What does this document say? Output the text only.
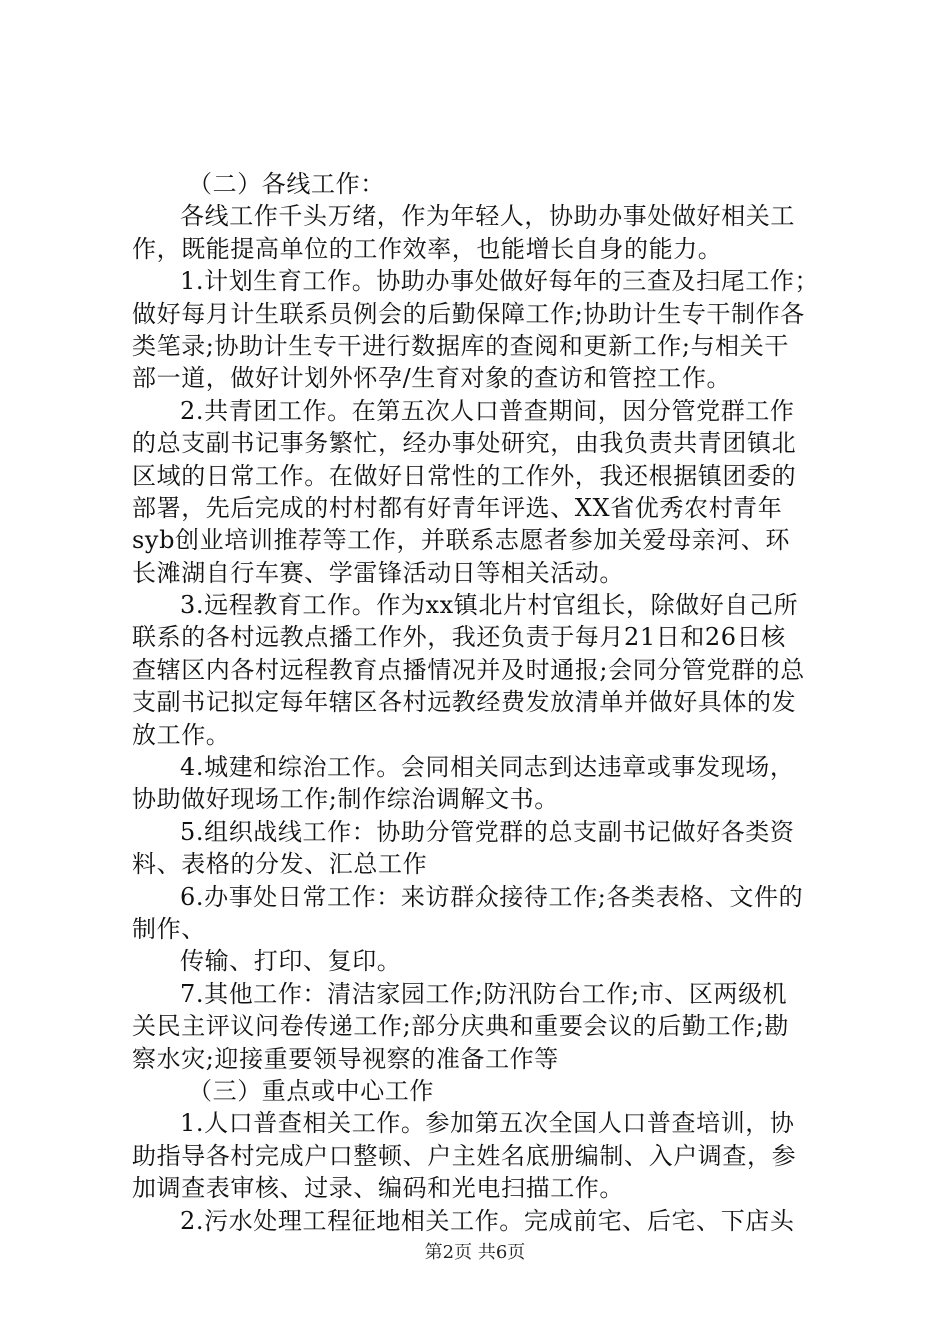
（二）各线工作：
各线工作千头万绪，作为年轻人，协助办事处做好相关工
作，既能提高单位的工作效率，也能增长自身的能力。
1.计划生育工作。协助办事处做好每年的三查及扫尾工作；
做好每月计生联系员例会的后勤保障工作;协助计生专干制作各
类笔录;协助计生专干进行数据库的查阅和更新工作;与相关干
部一道，做好计划外怀孕/生育对象的查访和管控工作。
2.共青团工作。在第五次人口普查期间，因分管党群工作
的总支副书记事务繁忙，经办事处研究，由我负责共青团镇北
区域的日常工作。在做好日常性的工作外，我还根据镇团委的
部署，先后完成的村村都有好青年评选、XX省优秀农村青年
syb创业培训推荐等工作，并联系志愿者参加关爱母亲河、环
长滩湖自行车赛、学雷锋活动日等相关活动。
3.远程教育工作。作为xx镇北片村官组长，除做好自己所
联系的各村远教点播工作外，我还负责于每月21日和26日核
查辖区内各村远程教育点播情况并及时通报;会同分管党群的总
支副书记拟定每年辖区各村远教经费发放清单并做好具体的发
放工作。
4.城建和综治工作。会同相关同志到达违章或事发现场，
协助做好现场工作;制作综治调解文书。
5.组织战线工作：协助分管党群的总支副书记做好各类资
料、表格的分发、汇总工作
6.办事处日常工作：来访群众接待工作;各类表格、文件的
制作、
传输、打印、复印。
7.其他工作：清洁家园工作;防汛防台工作;市、区两级机
关民主评议问卷传递工作;部分庆典和重要会议的后勤工作;勘
察水灾;迎接重要领导视察的准备工作等
（三）重点或中心工作
1.人口普查相关工作。参加第五次全国人口普查培训，协
助指导各村完成户口整顿、户主姓名底册编制、入户调查，参
加调查表审核、过录、编码和光电扫描工作。
2.污水处理工程征地相关工作。完成前宅、后宅、下店头
第2页 共6页
